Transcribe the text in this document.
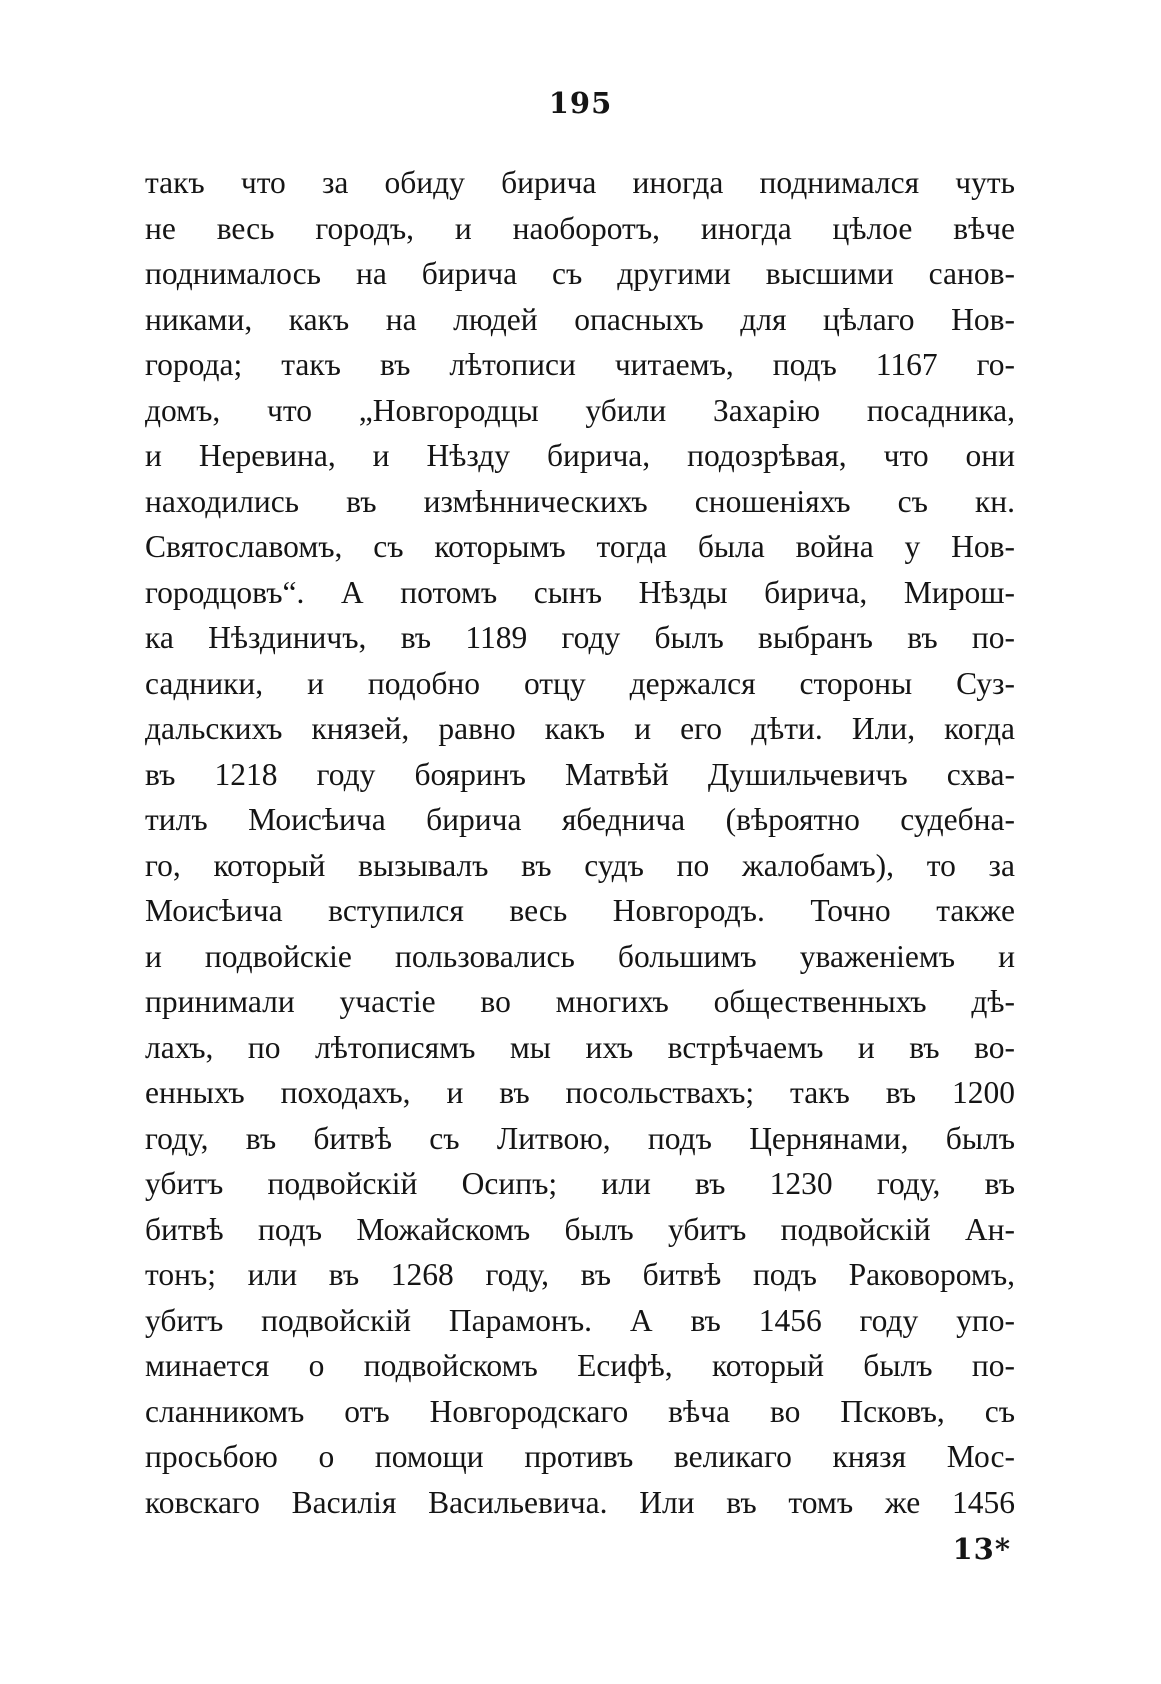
195
такъ что за обиду бирича иногда поднимался чуть
не весь городъ, и наоборотъ, иногда цѣлое вѣче
поднималось на бирича съ другими высшими санов-
никами, какъ на людей опасныхъ для цѣлаго Нов-
города; такъ въ лѣтописи читаемъ, подъ 1167 го-
домъ, что „Новгородцы убили Захарію посадника,
и Неревина, и Нѣзду бирича, подозрѣвая, что они
находились въ измѣнническихъ сношеніяхъ съ кн.
Святославомъ, съ которымъ тогда была война у Нов-
городцовъ“. А потомъ сынъ Нѣзды бирича, Мирош-
ка Нѣздиничъ, въ 1189 году былъ выбранъ въ по-
садники, и подобно отцу держался стороны Суз-
дальскихъ князей, равно какъ и его дѣти. Или, когда
въ 1218 году бояринъ Матвѣй Душильчевичъ схва-
тилъ Моисѣича бирича ябеднича (вѣроятно судебна-
го, который вызывалъ въ судъ по жалобамъ), то за
Моисѣича вступился весь Новгородъ. Точно также
и подвойскіе пользовались большимъ уваженіемъ и
принимали участіе во многихъ общественныхъ дѣ-
лахъ, по лѣтописямъ мы ихъ встрѣчаемъ и въ во-
енныхъ походахъ, и въ посольствахъ; такъ въ 1200
году, въ битвѣ съ Литвою, подъ Цернянами, былъ
убитъ подвойскій Осипъ; или въ 1230 году, въ
битвѣ подъ Можайскомъ былъ убитъ подвойскій Ан-
тонъ; или въ 1268 году, въ битвѣ подъ Раковоромъ,
убитъ подвойскій Парамонъ. А въ 1456 году упо-
минается о подвойскомъ Есифѣ, который былъ по-
сланникомъ отъ Новгородскаго вѣча во Псковъ, съ
просьбою о помощи противъ великаго князя Мос-
ковскаго Василія Васильевича. Или въ томъ же 1456
13*
